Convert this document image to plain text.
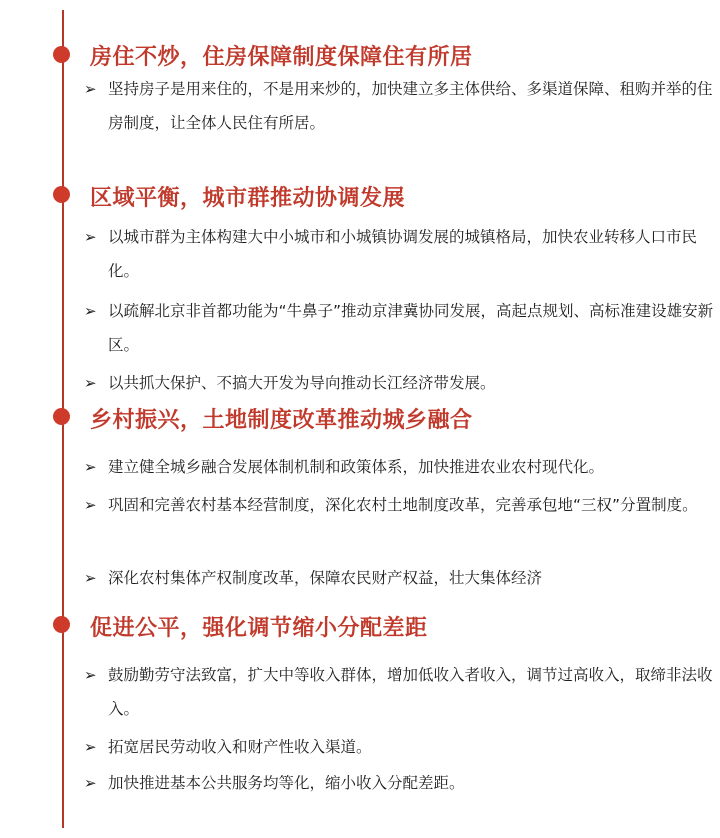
房住不炒，住房保障制度保障住有所居
➢ 坚持房子是用来住的，不是用来炒的，加快建立多主体供给、多渠道保障、租购并举的住房制度，让全体人民住有所居。
区域平衡，城市群推动协调发展
➢ 以城市群为主体构建大中小城市和小城镇协调发展的城镇格局，加快农业转移人口市民化。
➢ 以疏解北京非首都功能为“牛鼻子”推动京津冀协同发展，高起点规划、高标准建设雄安新区。
➢ 以共抓大保护、不搞大开发为导向推动长江经济带发展。
乡村振兴，土地制度改革推动城乡融合
➢ 建立健全城乡融合发展体制机制和政策体系，加快推进农业农村现代化。
➢ 巩固和完善农村基本经营制度，深化农村土地制度改革，完善承包地“三权”分置制度。
➢ 深化农村集体产权制度改革，保障农民财产权益，壮大集体经济
促进公平，强化调节缩小分配差距
➢ 鼓励勤劳守法致富，扩大中等收入群体，增加低收入者收入，调节过高收入，取缔非法收入。
➢ 拓宽居民劳动收入和财产性收入渠道。
➢ 加快推进基本公共服务均等化，缩小收入分配差距。
